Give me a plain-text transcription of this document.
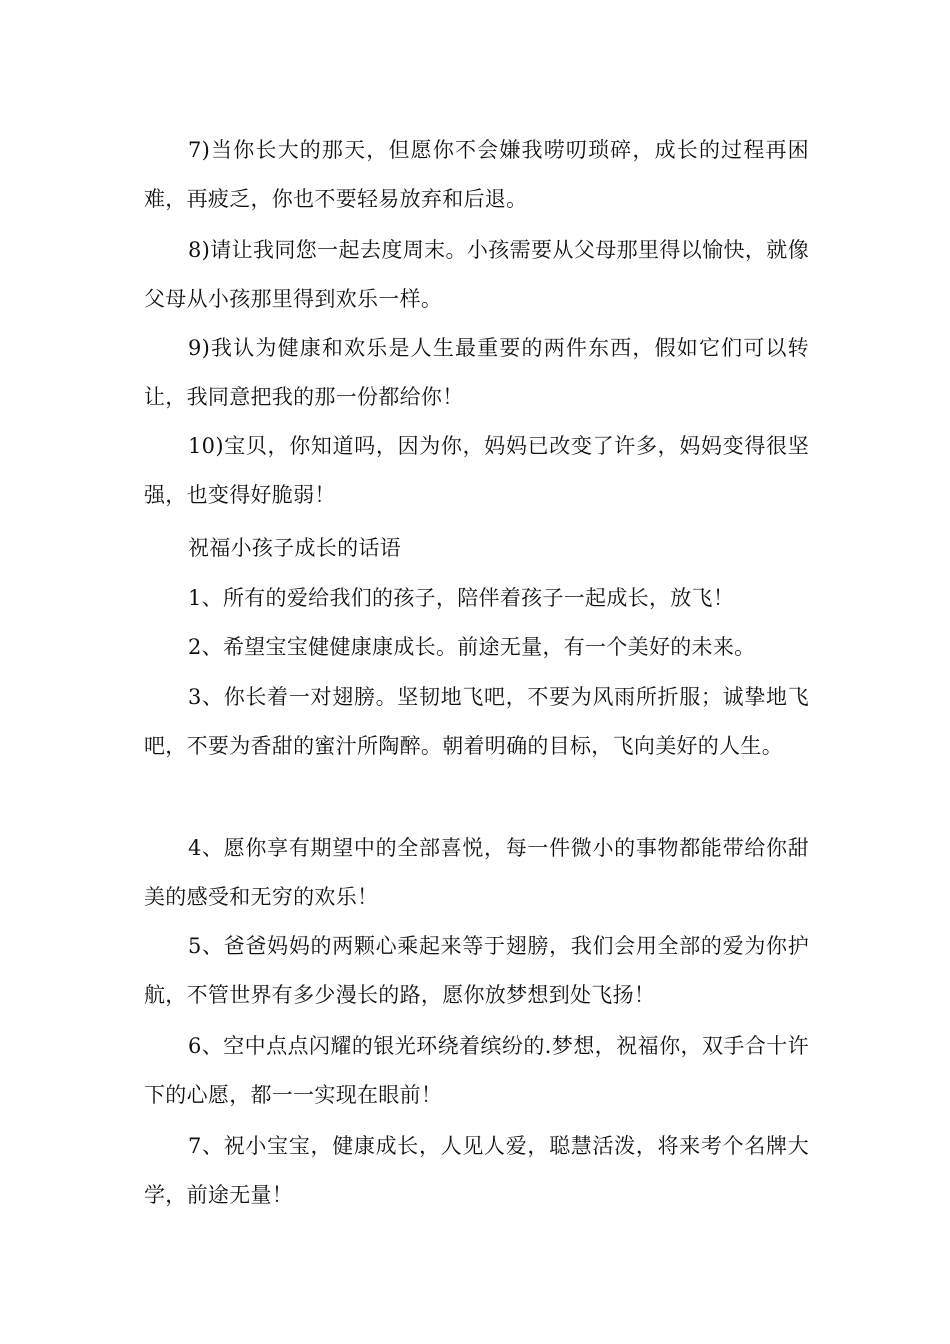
7)当你长大的那天，但愿你不会嫌我唠叨琐碎，成长的过程再困难，再疲乏，你也不要轻易放弃和后退。

8)请让我同您一起去度周末。小孩需要从父母那里得以愉快，就像父母从小孩那里得到欢乐一样。

9)我认为健康和欢乐是人生最重要的两件东西，假如它们可以转让，我同意把我的那一份都给你！

10)宝贝，你知道吗，因为你，妈妈已改变了许多，妈妈变得很坚强，也变得好脆弱！

祝福小孩子成长的话语

1、所有的爱给我们的孩子，陪伴着孩子一起成长，放飞！

2、希望宝宝健健康康成长。前途无量，有一个美好的未来。

3、你长着一对翅膀。坚韧地飞吧，不要为风雨所折服；诚挚地飞吧，不要为香甜的蜜汁所陶醉。朝着明确的目标，飞向美好的人生。

4、愿你享有期望中的全部喜悦，每一件微小的事物都能带给你甜美的感受和无穷的欢乐！

5、爸爸妈妈的两颗心乘起来等于翅膀，我们会用全部的爱为你护航，不管世界有多少漫长的路，愿你放梦想到处飞扬！

6、空中点点闪耀的银光环绕着缤纷的.梦想，祝福你，双手合十许下的心愿，都一一实现在眼前！

7、祝小宝宝，健康成长，人见人爱，聪慧活泼，将来考个名牌大学，前途无量！
